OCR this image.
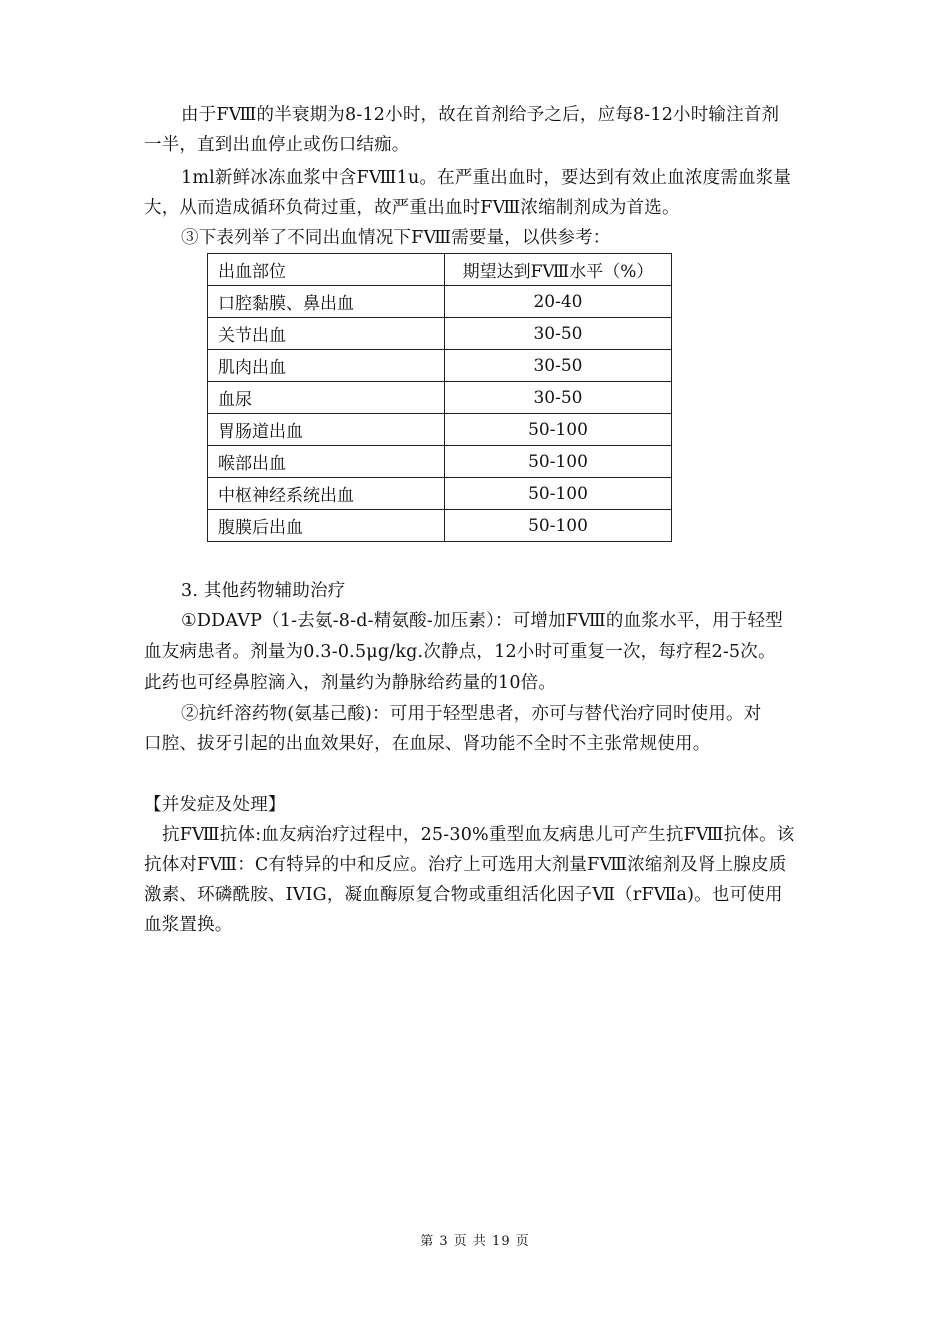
由于FⅧ的半衰期为8-12小时，故在首剂给予之后，应每8-12小时输注首剂
一半，直到出血停止或伤口结痂。
1ml新鲜冰冻血浆中含FⅧ1u。在严重出血时，要达到有效止血浓度需血浆量
大，从而造成循环负荷过重，故严重出血时FⅧ浓缩制剂成为首选。
③下表列举了不同出血情况下FⅧ需要量，以供参考：
出血部位	期望达到FⅧ水平（%）
口腔黏膜、鼻出血	20-40
关节出血	30-50
肌肉出血	30-50
血尿	30-50
胃肠道出血	50-100
喉部出血	50-100
中枢神经系统出血	50-100
腹膜后出血	50-100
3. 其他药物辅助治疗
①DDAVP（1-去氨-8-d-精氨酸-加压素）：可增加FⅧ的血浆水平，用于轻型
血友病患者。剂量为0.3-0.5μg/kg.次静点，12小时可重复一次，每疗程2-5次。
此药也可经鼻腔滴入，剂量约为静脉给药量的10倍。
②抗纤溶药物(氨基己酸)：可用于轻型患者，亦可与替代治疗同时使用。对
口腔、拔牙引起的出血效果好，在血尿、肾功能不全时不主张常规使用。
【并发症及处理】
抗FⅧ抗体:血友病治疗过程中，25-30%重型血友病患儿可产生抗FⅧ抗体。该
抗体对FⅧ：C有特异的中和反应。治疗上可选用大剂量FⅧ浓缩剂及肾上腺皮质
激素、环磷酰胺、IVIG，凝血酶原复合物或重组活化因子Ⅶ（rFⅦa)。也可使用
血浆置换。
第 3 页 共 19 页
